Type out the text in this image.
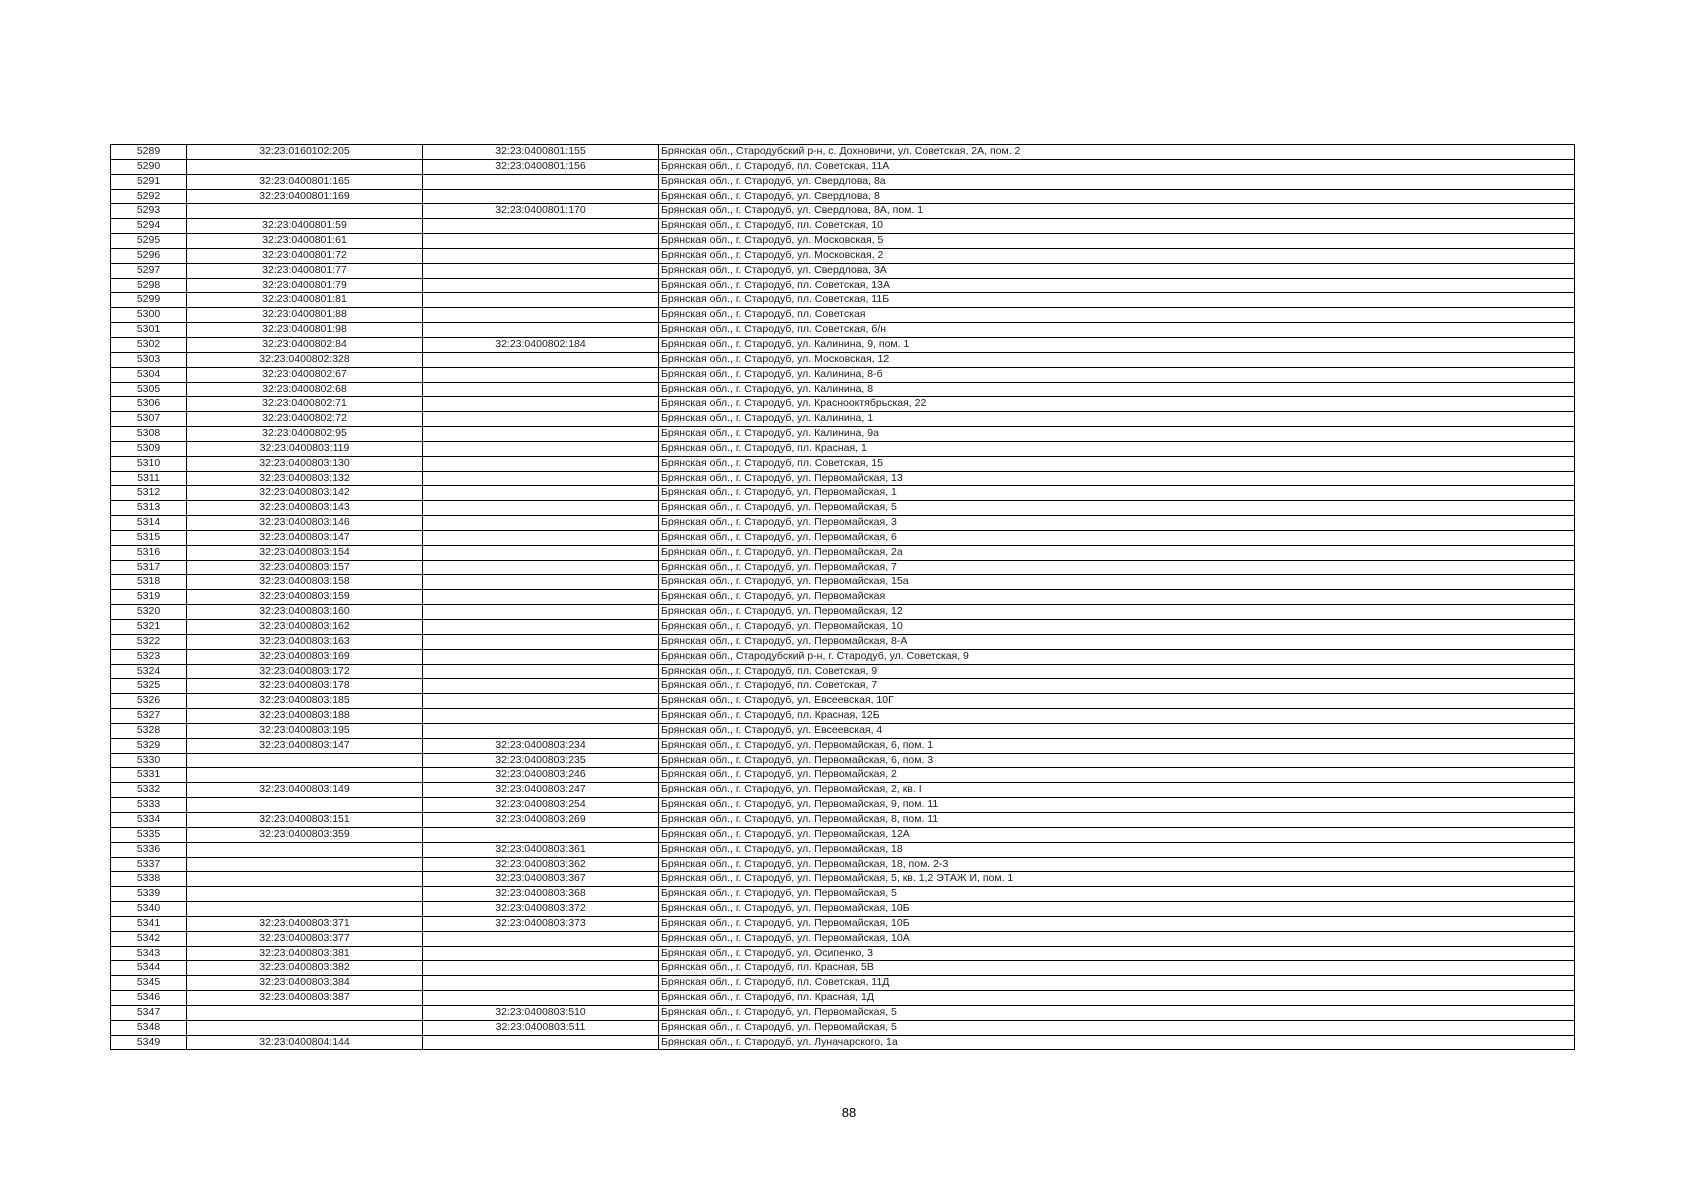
5289	32:23:0160102:205	32:23:0400801:155	Брянская обл., Стародубский р-н, с. Дохновичи, ул. Советская, 2А, пом. 2
5290		32:23:0400801:156	Брянская обл., г. Стародуб, пл. Советская, 11А
5291	32:23:0400801:165		Брянская обл., г. Стародуб, ул. Свердлова, 8а
5292	32:23:0400801:169		Брянская обл., г. Стародуб, ул. Свердлова, 8
5293		32:23:0400801:170	Брянская обл., г. Стародуб, ул. Свердлова, 8А, пом. 1
5294	32:23:0400801:59		Брянская обл., г. Стародуб, пл. Советская, 10
5295	32:23:0400801:61		Брянская обл., г. Стародуб, ул. Московская, 5
5296	32:23:0400801:72		Брянская обл., г. Стародуб, ул. Московская, 2
5297	32:23:0400801:77		Брянская обл., г. Стародуб, ул. Свердлова, 3А
5298	32:23:0400801:79		Брянская обл., г. Стародуб, пл. Советская, 13А
5299	32:23:0400801:81		Брянская обл., г. Стародуб, пл. Советская, 11Б
5300	32:23:0400801:88		Брянская обл., г. Стародуб, пл. Советская
5301	32:23:0400801:98		Брянская обл., г. Стародуб, пл. Советская, б/н
5302	32:23:0400802:84	32:23:0400802:184	Брянская обл., г. Стародуб, ул. Калинина, 9, пом. 1
5303	32:23:0400802:328		Брянская обл., г. Стародуб, ул. Московская, 12
5304	32:23:0400802:67		Брянская обл., г. Стародуб, ул. Калинина, 8-б
5305	32:23:0400802:68		Брянская обл., г. Стародуб, ул. Калинина, 8
5306	32:23:0400802:71		Брянская обл., г. Стародуб, ул. Краснооктябрьская, 22
5307	32:23:0400802:72		Брянская обл., г. Стародуб, ул. Калинина, 1
5308	32:23:0400802:95		Брянская обл., г. Стародуб, ул. Калинина, 9а
5309	32:23:0400803:119		Брянская обл., г. Стародуб, пл. Красная, 1
5310	32:23:0400803:130		Брянская обл., г. Стародуб, пл. Советская, 15
5311	32:23:0400803:132		Брянская обл., г. Стародуб, ул. Первомайская, 13
5312	32:23:0400803:142		Брянская обл., г. Стародуб, ул. Первомайская, 1
5313	32:23:0400803:143		Брянская обл., г. Стародуб, ул. Первомайская, 5
5314	32:23:0400803:146		Брянская обл., г. Стародуб, ул. Первомайская, 3
5315	32:23:0400803:147		Брянская обл., г. Стародуб, ул. Первомайская, 6
5316	32:23:0400803:154		Брянская обл., г. Стародуб, ул. Первомайская, 2а
5317	32:23:0400803:157		Брянская обл., г. Стародуб, ул. Первомайская, 7
5318	32:23:0400803:158		Брянская обл., г. Стародуб, ул. Первомайская, 15а
5319	32:23:0400803:159		Брянская обл., г. Стародуб, ул. Первомайская
5320	32:23:0400803:160		Брянская обл., г. Стародуб, ул. Первомайская, 12
5321	32:23:0400803:162		Брянская обл., г. Стародуб, ул. Первомайская, 10
5322	32:23:0400803:163		Брянская обл., г. Стародуб, ул. Первомайская, 8-А
5323	32:23:0400803:169		Брянская обл., Стародубский р-н, г. Стародуб, ул. Советская, 9
5324	32:23:0400803:172		Брянская обл., г. Стародуб, пл. Советская, 9
5325	32:23:0400803:178		Брянская обл., г. Стародуб, пл. Советская, 7
5326	32:23:0400803:185		Брянская обл., г. Стародуб, ул. Евсеевская, 10Г
5327	32:23:0400803:188		Брянская обл., г. Стародуб, пл. Красная, 12Б
5328	32:23:0400803:195		Брянская обл., г. Стародуб, ул. Евсеевская, 4
5329	32:23:0400803:147	32:23:0400803:234	Брянская обл., г. Стародуб, ул. Первомайская, 6, пом. 1
5330		32:23:0400803:235	Брянская обл., г. Стародуб, ул. Первомайская, 6, пом. 3
5331		32:23:0400803:246	Брянская обл., г. Стародуб, ул. Первомайская, 2
5332	32:23:0400803:149	32:23:0400803:247	Брянская обл., г. Стародуб, ул. Первомайская, 2, кв. I
5333		32:23:0400803:254	Брянская обл., г. Стародуб, ул. Первомайская, 9, пом. 11
5334	32:23:0400803:151	32:23:0400803:269	Брянская обл., г. Стародуб, ул. Первомайская, 8, пом. 11
5335	32:23:0400803:359		Брянская обл., г. Стародуб, ул. Первомайская, 12А
5336		32:23:0400803:361	Брянская обл., г. Стародуб, ул. Первомайская, 18
5337		32:23:0400803:362	Брянская обл., г. Стародуб, ул. Первомайская, 18, пом. 2-3
5338		32:23:0400803:367	Брянская обл., г. Стародуб, ул. Первомайская, 5, кв. 1,2 ЭТАЖ И, пом. 1
5339		32:23:0400803:368	Брянская обл., г. Стародуб, ул. Первомайская, 5
5340		32:23:0400803:372	Брянская обл., г. Стародуб, ул. Первомайская, 10Б
5341	32:23:0400803:371	32:23:0400803:373	Брянская обл., г. Стародуб, ул. Первомайская, 10Б
5342	32:23:0400803:377		Брянская обл., г. Стародуб, ул. Первомайская, 10А
5343	32:23:0400803:381		Брянская обл., г. Стародуб, ул. Осипенко, 3
5344	32:23:0400803:382		Брянская обл., г. Стародуб, пл. Красная, 5В
5345	32:23:0400803:384		Брянская обл., г. Стародуб, пл. Советская, 11Д
5346	32:23:0400803:387		Брянская обл., г. Стародуб, пл. Красная, 1Д
5347		32:23:0400803:510	Брянская обл., г. Стародуб, ул. Первомайская, 5
5348		32:23:0400803:511	Брянская обл., г. Стародуб, ул. Первомайская, 5
5349	32:23:0400804:144		Брянская обл., г. Стародуб, ул. Луначарского, 1а
88
